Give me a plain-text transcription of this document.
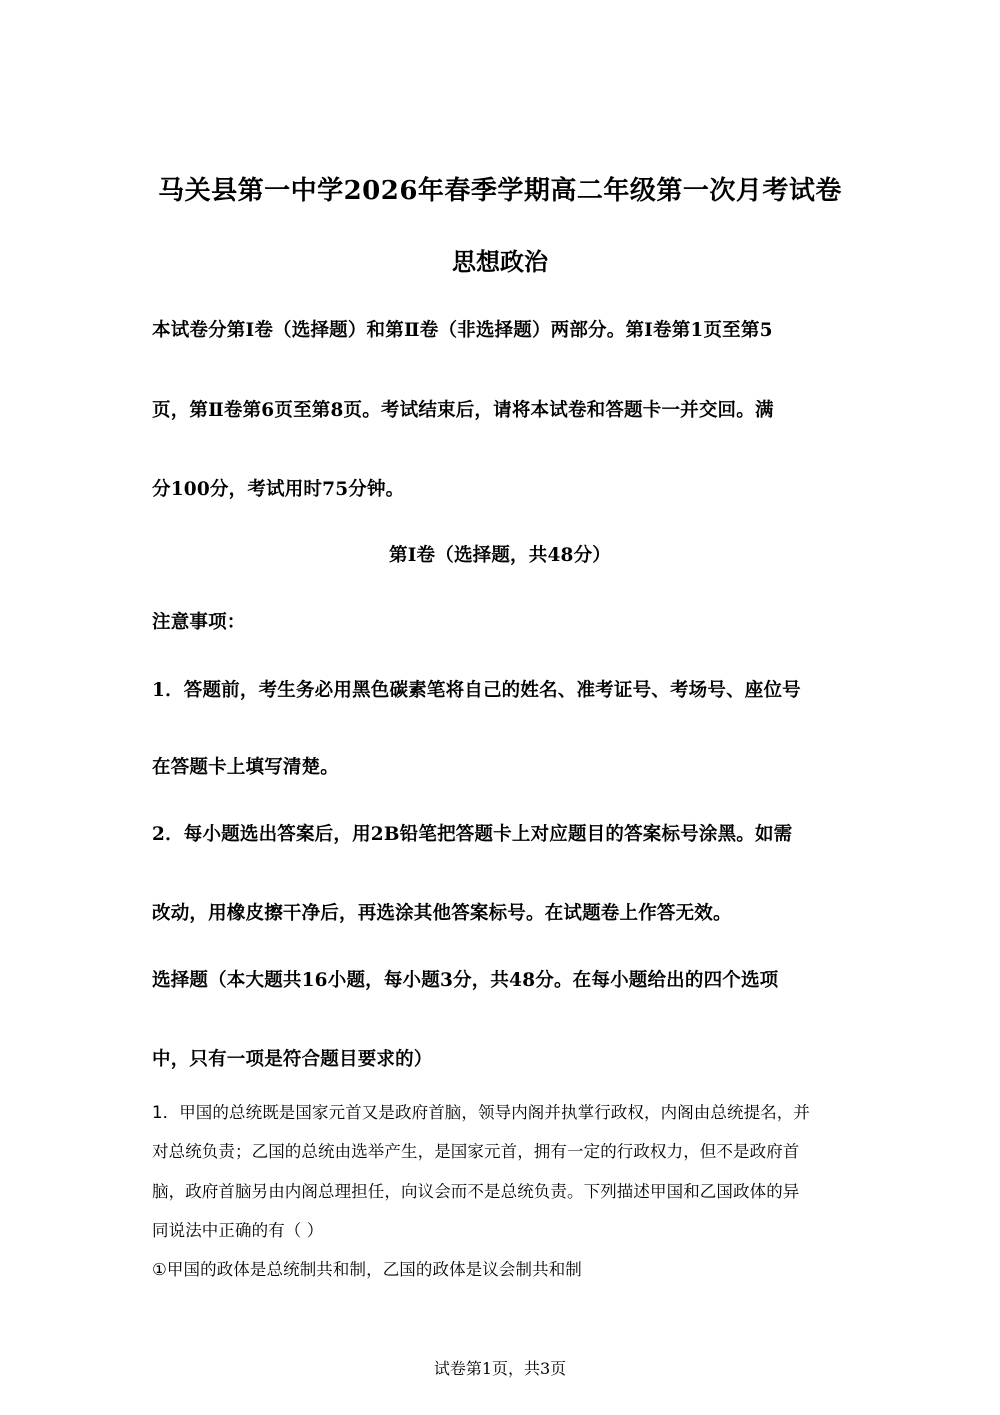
马关县第一中学2026年春季学期高二年级第一次月考试卷
思想政治
本试卷分第Ⅰ卷（选择题）和第Ⅱ卷（非选择题）两部分。第Ⅰ卷第1页至第5
页，第Ⅱ卷第6页至第8页。考试结束后，请将本试卷和答题卡一并交回。满
分100分，考试用时75分钟。
第Ⅰ卷（选择题，共48分）
注意事项：
1．答题前，考生务必用黑色碳素笔将自己的姓名、准考证号、考场号、座位号
在答题卡上填写清楚。
2．每小题选出答案后，用2B铅笔把答题卡上对应题目的答案标号涂黑。如需
改动，用橡皮擦干净后，再选涂其他答案标号。在试题卷上作答无效。
选择题（本大题共16小题，每小题3分，共48分。在每小题给出的四个选项
中，只有一项是符合题目要求的）
1．甲国的总统既是国家元首又是政府首脑，领导内阁并执掌行政权，内阁由总统提名，并
对总统负责；乙国的总统由选举产生，是国家元首，拥有一定的行政权力，但不是政府首
脑，政府首脑另由内阁总理担任，向议会而不是总统负责。下列描述甲国和乙国政体的异
同说法中正确的有（ ）
①甲国的政体是总统制共和制，乙国的政体是议会制共和制
试卷第1页，共3页
